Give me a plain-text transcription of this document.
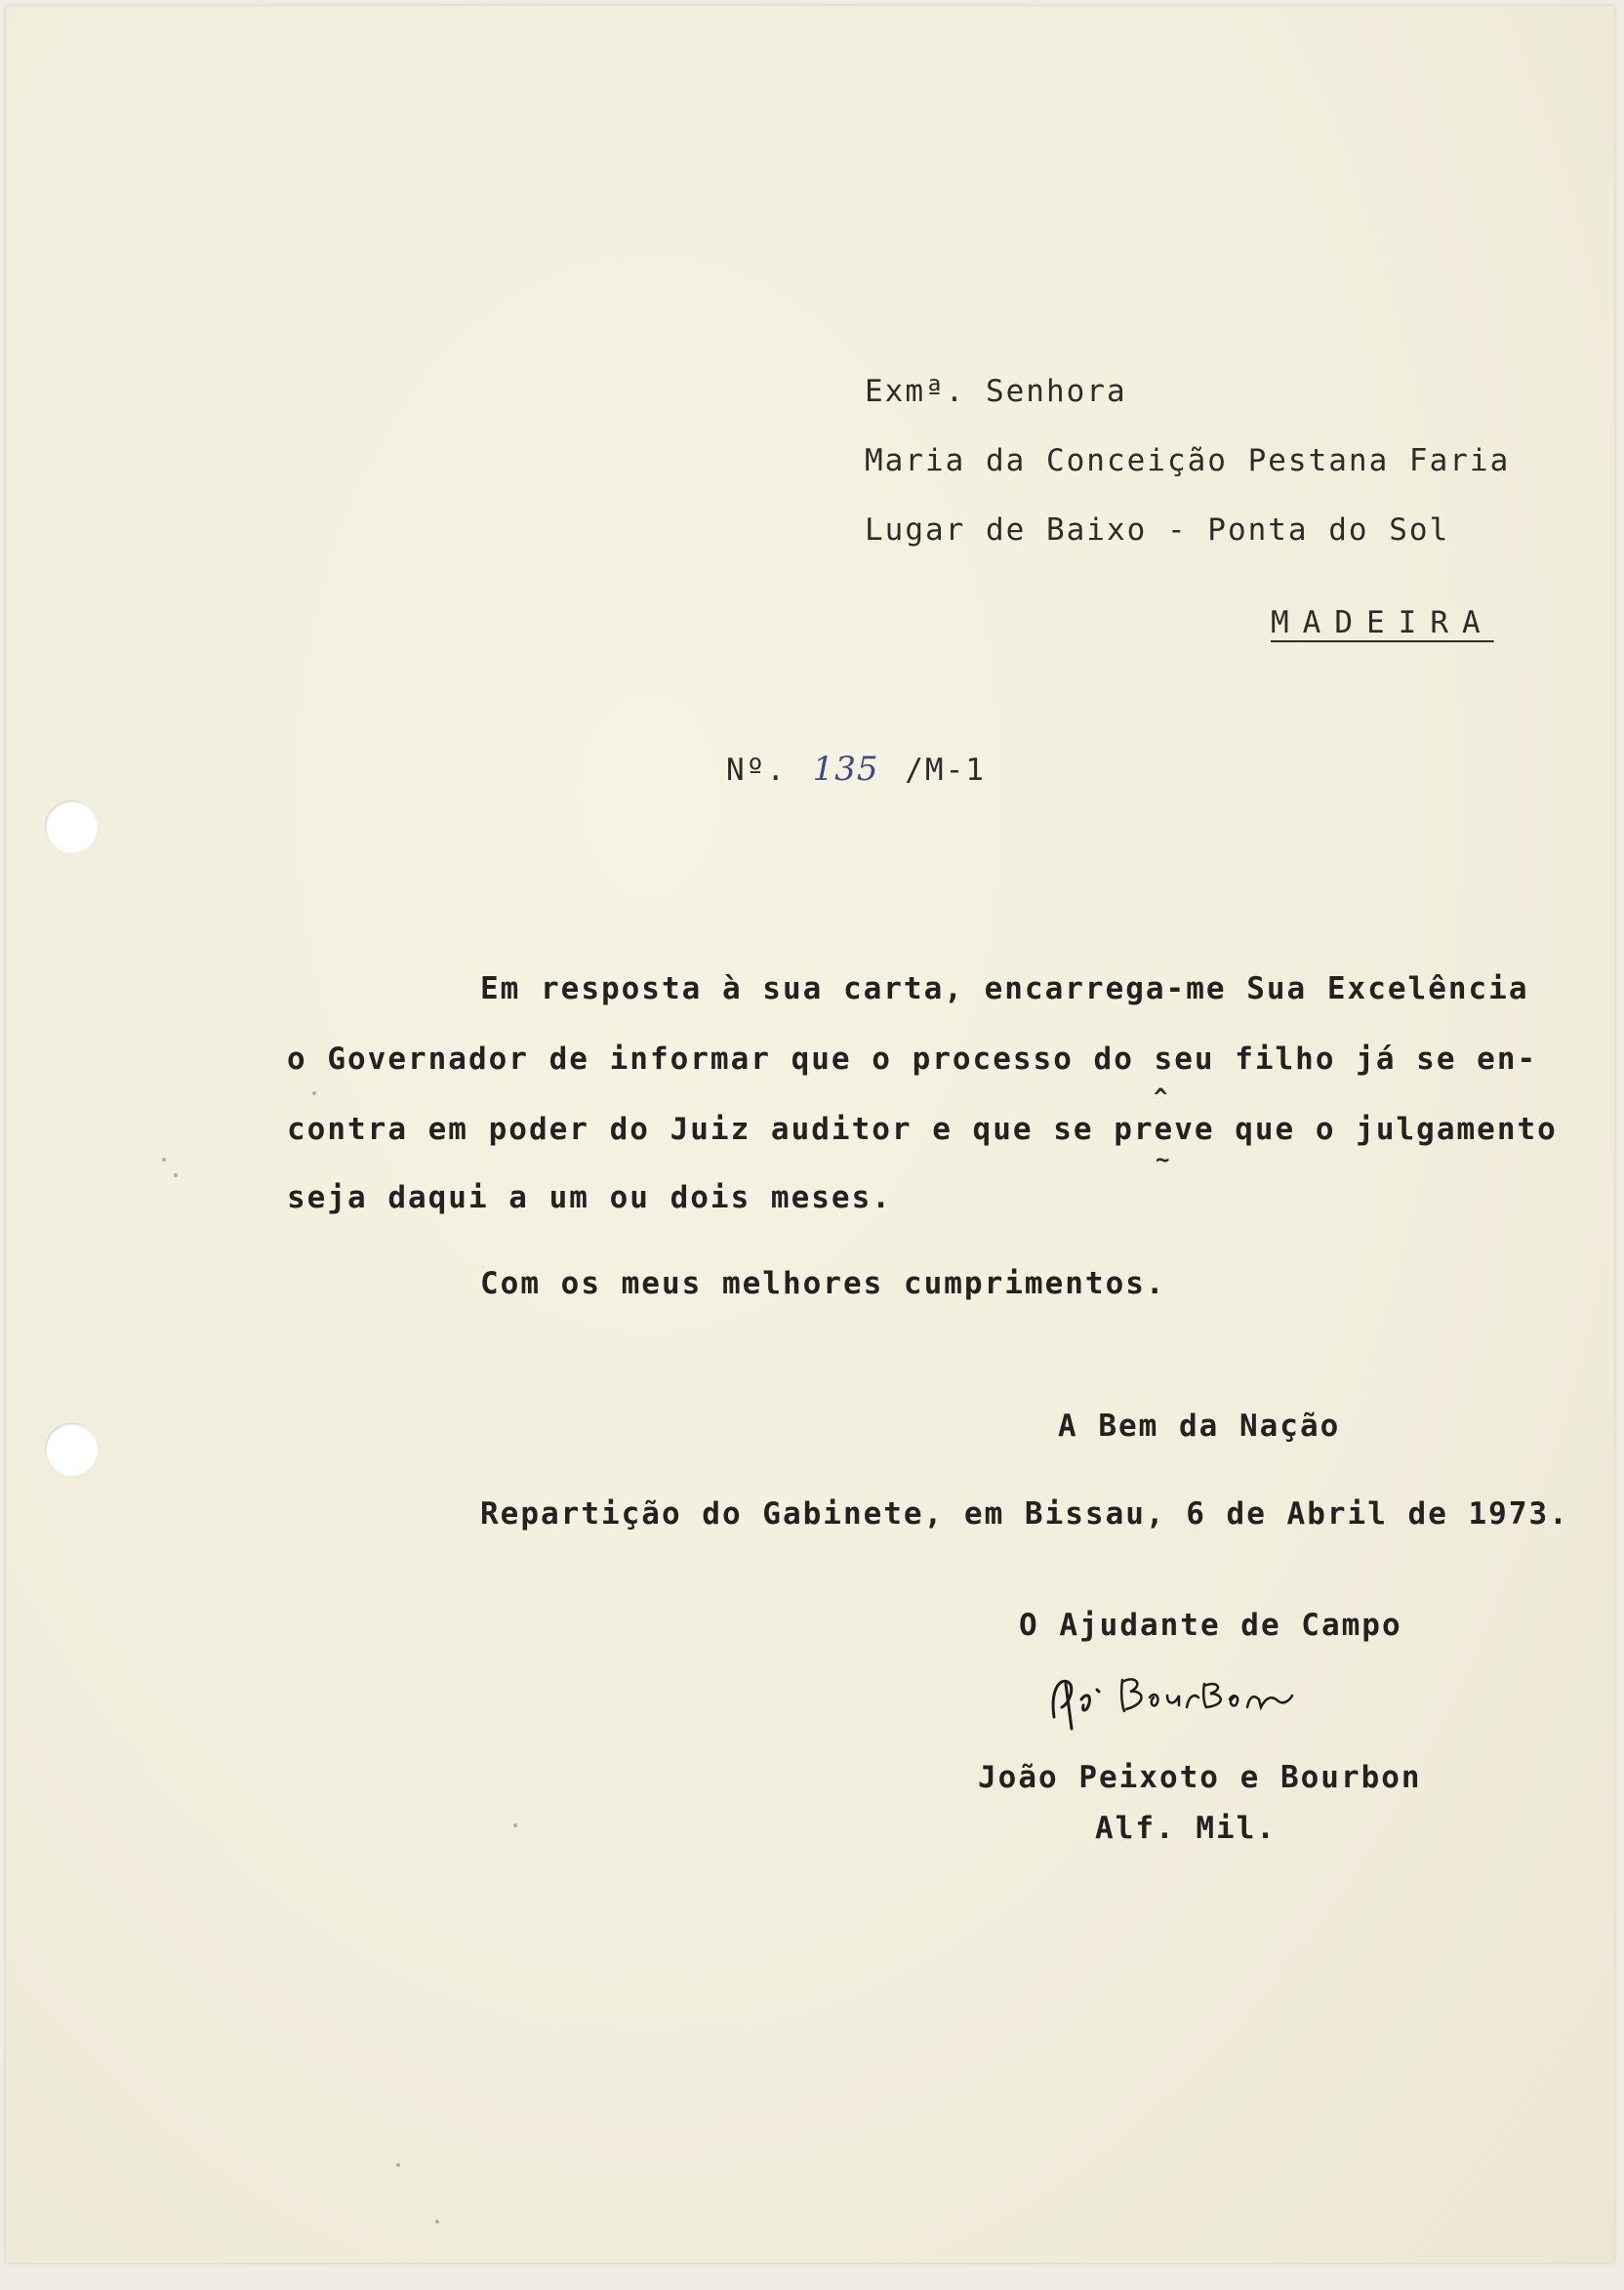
Exmª. Senhora
Maria da Conceição Pestana Faria
Lugar de Baixo - Ponta do Sol
MADEIRA
Nº. 135 /M-1
Em resposta à sua carta, encarrega-me Sua Excelência
o Governador de informar que o processo do seu filho já se en-
^
contra em poder do Juiz auditor e que se preve que o julgamento
~
seja daqui a um ou dois meses.
Com os meus melhores cumprimentos.
A Bem da Nação
Repartição do Gabinete, em Bissau, 6 de Abril de 1973.
O Ajudante de Campo
João Peixoto e Bourbon
Alf. Mil.
